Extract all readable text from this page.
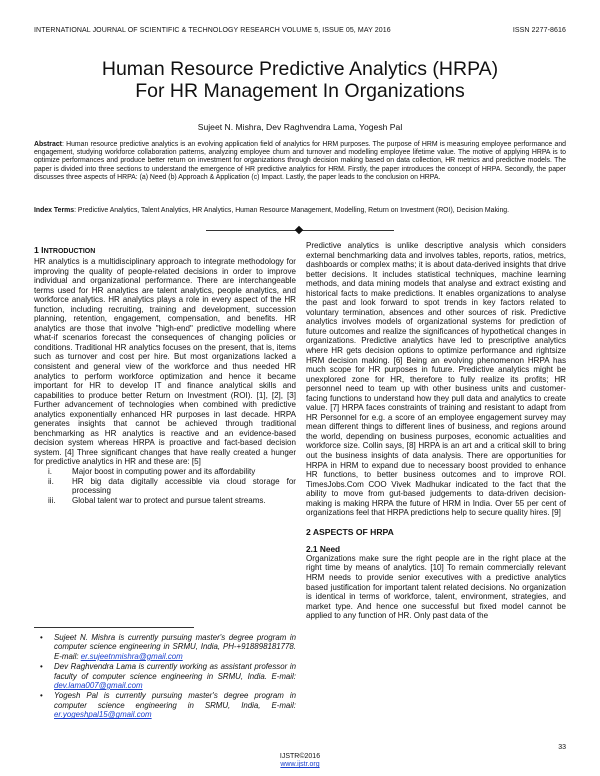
INTERNATIONAL JOURNAL OF SCIENTIFIC & TECHNOLOGY RESEARCH VOLUME 5, ISSUE 05, MAY 2016	ISSN 2277-8616
Human Resource Predictive Analytics (HRPA)
For HR Management In Organizations
Sujeet N. Mishra, Dev Raghvendra Lama, Yogesh Pal
Abstract: Human resource predictive analytics is an evolving application field of analytics for HRM purposes. The purpose of HRM is measuring employee performance and engagement, studying workforce collaboration patterns, analyzing employee churn and turnover and modelling employee lifetime value. The motive of applying HRPA is to optimize performances and produce better return on investment for organizations through decision making based on data collection, HR metrics and predictive models. The paper is divided into three sections to understand the emergence of HR predictive analytics for HRM. Firstly, the paper introduces the concept of HRPA. Secondly, the paper discusses three aspects of HRPA: (a) Need (b) Approach & Application (c) Impact. Lastly, the paper leads to the conclusion on HRPA.
Index Terms: Predictive Analytics, Talent Analytics, HR Analytics, Human Resource Management, Modelling, Return on Investment (ROI), Decision Making.
1 INTRODUCTION

HR analytics is a multidisciplinary approach to integrate methodology for improving the quality of people-related decisions in order to improve individual and organizational performance. There are interchangeable terms used for HR analytics are talent analytics, people analytics, and workforce analytics. HR analytics plays a role in every aspect of the HR function, including recruiting, training and development, succession planning, retention, engagement, compensation, and benefits. HR analytics are those that involve "high-end" predictive modelling where what-if scenarios forecast the consequences of changing policies or conditions. Traditional HR analytics focuses on the present, that is, items such as turnover and cost per hire. But most organizations lacked a consistent and general view of the workforce and thus needed HR analytics to perform workforce optimization and hence it became important for HR to develop IT and finance analytical skills and capabilities to produce better Return on Investment (ROI). [1], [2], [3] Further advancement of technologies when combined with predictive analytics exponentially enhanced HR purposes in last decade. HRPA generates insights that cannot be achieved through traditional benchmarking as HR analytics is reactive and an evidence-based decision system whereas HRPA is proactive and fact-based decision system. [4] Three significant changes that have really created a hunger for predictive analytics in HR and these are: [5]

i. Major boost in computing power and its affordability
ii. HR big data digitally accessible via cloud storage for processing
iii. Global talent war to protect and pursue talent streams.
• Sujeet N. Mishra is currently pursuing master's degree program in computer science engineering in SRMU, India, PH-+918898181778. E-mail: er.sujeetnmishra@gmail.com
• Dev Raghvendra Lama is currently working as assistant professor in faculty of computer science engineering in SRMU, India. E-mail: dev.lama007@gmail.com
• Yogesh Pal is currently pursuing master's degree program in computer science engineering in SRMU, India, E-mail: er.yogeshpal15@gmail.com

Predictive analytics is unlike descriptive analysis which considers external benchmarking data and involves tables, reports, ratios, metrics, dashboards or complex maths; it is about data-derived insights that drive better decisions. It includes statistical techniques, machine learning methods, and data mining models that analyse and extract existing and historical facts to make predictions. It enables organizations to analyse the past and look forward to spot trends in key factors related to voluntary termination, absences and other sources of risk. Predictive analytics involves models of organizational systems for prediction of future outcomes and realize the significances of hypothetical changes in organizations. Predictive analytics have led to prescriptive analytics where HR gets decision options to optimize performance and rightsize HRM decision making. [6] Being an evolving phenomenon HRPA has much scope for HR purposes in future. Predictive analytics might be unexplored zone for HR, therefore to fully realize its profits; HR personnel need to team up with other business units and customer-facing functions to understand how they pull data and analytics to create value. [7] HRPA faces constraints of training and resistant to adapt from HR Personnel for e.g. a score of an employee engagement survey may mean different things to different lines of business, and regions around the world, depending on business purposes, economic actualities and workforce size. Collin says, [8] HRPA is an art and a critical skill to bring out the business insights of data analysis. There are opportunities for HRPA in HRM to expand due to necessary boost provided to enhance HR functions, to better business outcomes and to improve ROI. TimesJobs.Com COO Vivek Madhukar indicated to the fact that the ability to move from gut-based judgements to data-driven decision-making is making HRPA the future of HRM in India. Over 55 per cent of organizations feel that HRPA predictions help to secure quality hires. [9]

2 ASPECTS OF HRPA
2.1 Need

Organizations make sure the right people are in the right place at the right time by means of analytics. [10] To remain commercially relevant HRM needs to provide senior executives with a predictive analytics based justification for important talent related decisions. No organization is identical in terms of workforce, talent, environment, strategies, and market type. And hence one successful but fixed model cannot be applied to any function of HR. Only past data of the

33
IJSTR©2016
www.ijstr.org
